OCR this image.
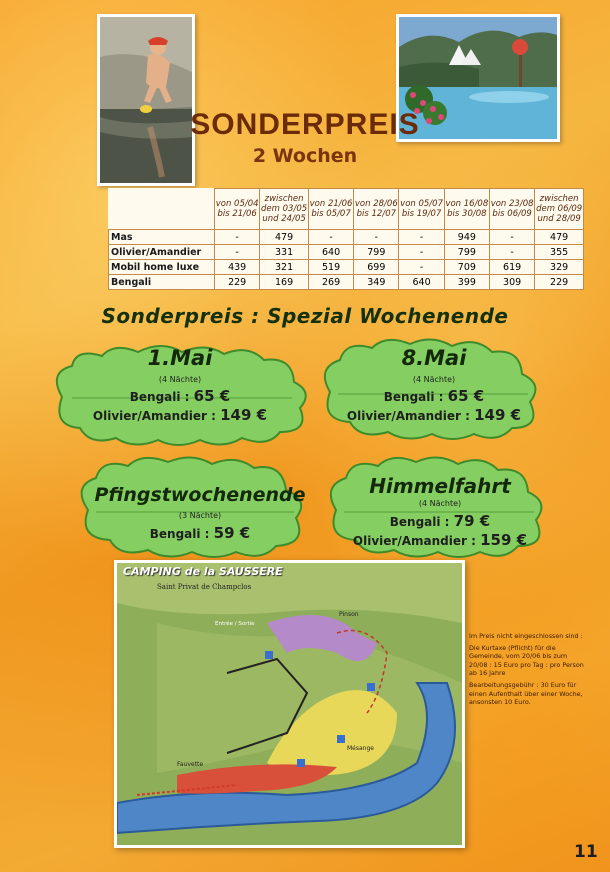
SONDERPREIS
2 Wochen
	von 05/04
bis 21/06	zwischen
dem 03/05
und 24/05	von 21/06
bis 05/07	von 28/06
bis 12/07	von 05/07
bis 19/07	von 16/08
bis 30/08	von 23/08
bis 06/09	zwischen
dem 06/09
und 28/09
Mas	-	479	-	-	-	949	-	479
Olivier/Amandier	-	331	640	799	-	799	-	355
Mobil home luxe	439	321	519	699	-	709	619	329
Bengali	229	169	269	349	640	399	309	229
Sonderpreis : Spezial Wochenende
1.Mai
(4 Nächte)
Bengali : 65 €
Olivier/Amandier : 149 €
8.Mai
(4 Nächte)
Bengali : 65 €
Olivier/Amandier : 149 €
Pfingstwochenende
(3 Nächte)
Bengali : 59 €
Himmelfahrt
(4 Nächte)
Bengali : 79 €
Olivier/Amandier : 159 €
CAMPING de la SAUSSERE
Saint Privat de Champclos
Pinson
Entrée / Sortie
Fauvette
Mésange

Im Preis nicht eingeschlossen sind :

Die Kurtaxe (Pflicht) für die Gemeinde, vom 20/06 bis zum 20/08 : 15 Euro pro Tag : pro Person ab 16 Jahre

Bearbeitungsgebühr : 30 Euro für einen Aufenthalt über einer Woche, ansonsten 10 Euro.

11
